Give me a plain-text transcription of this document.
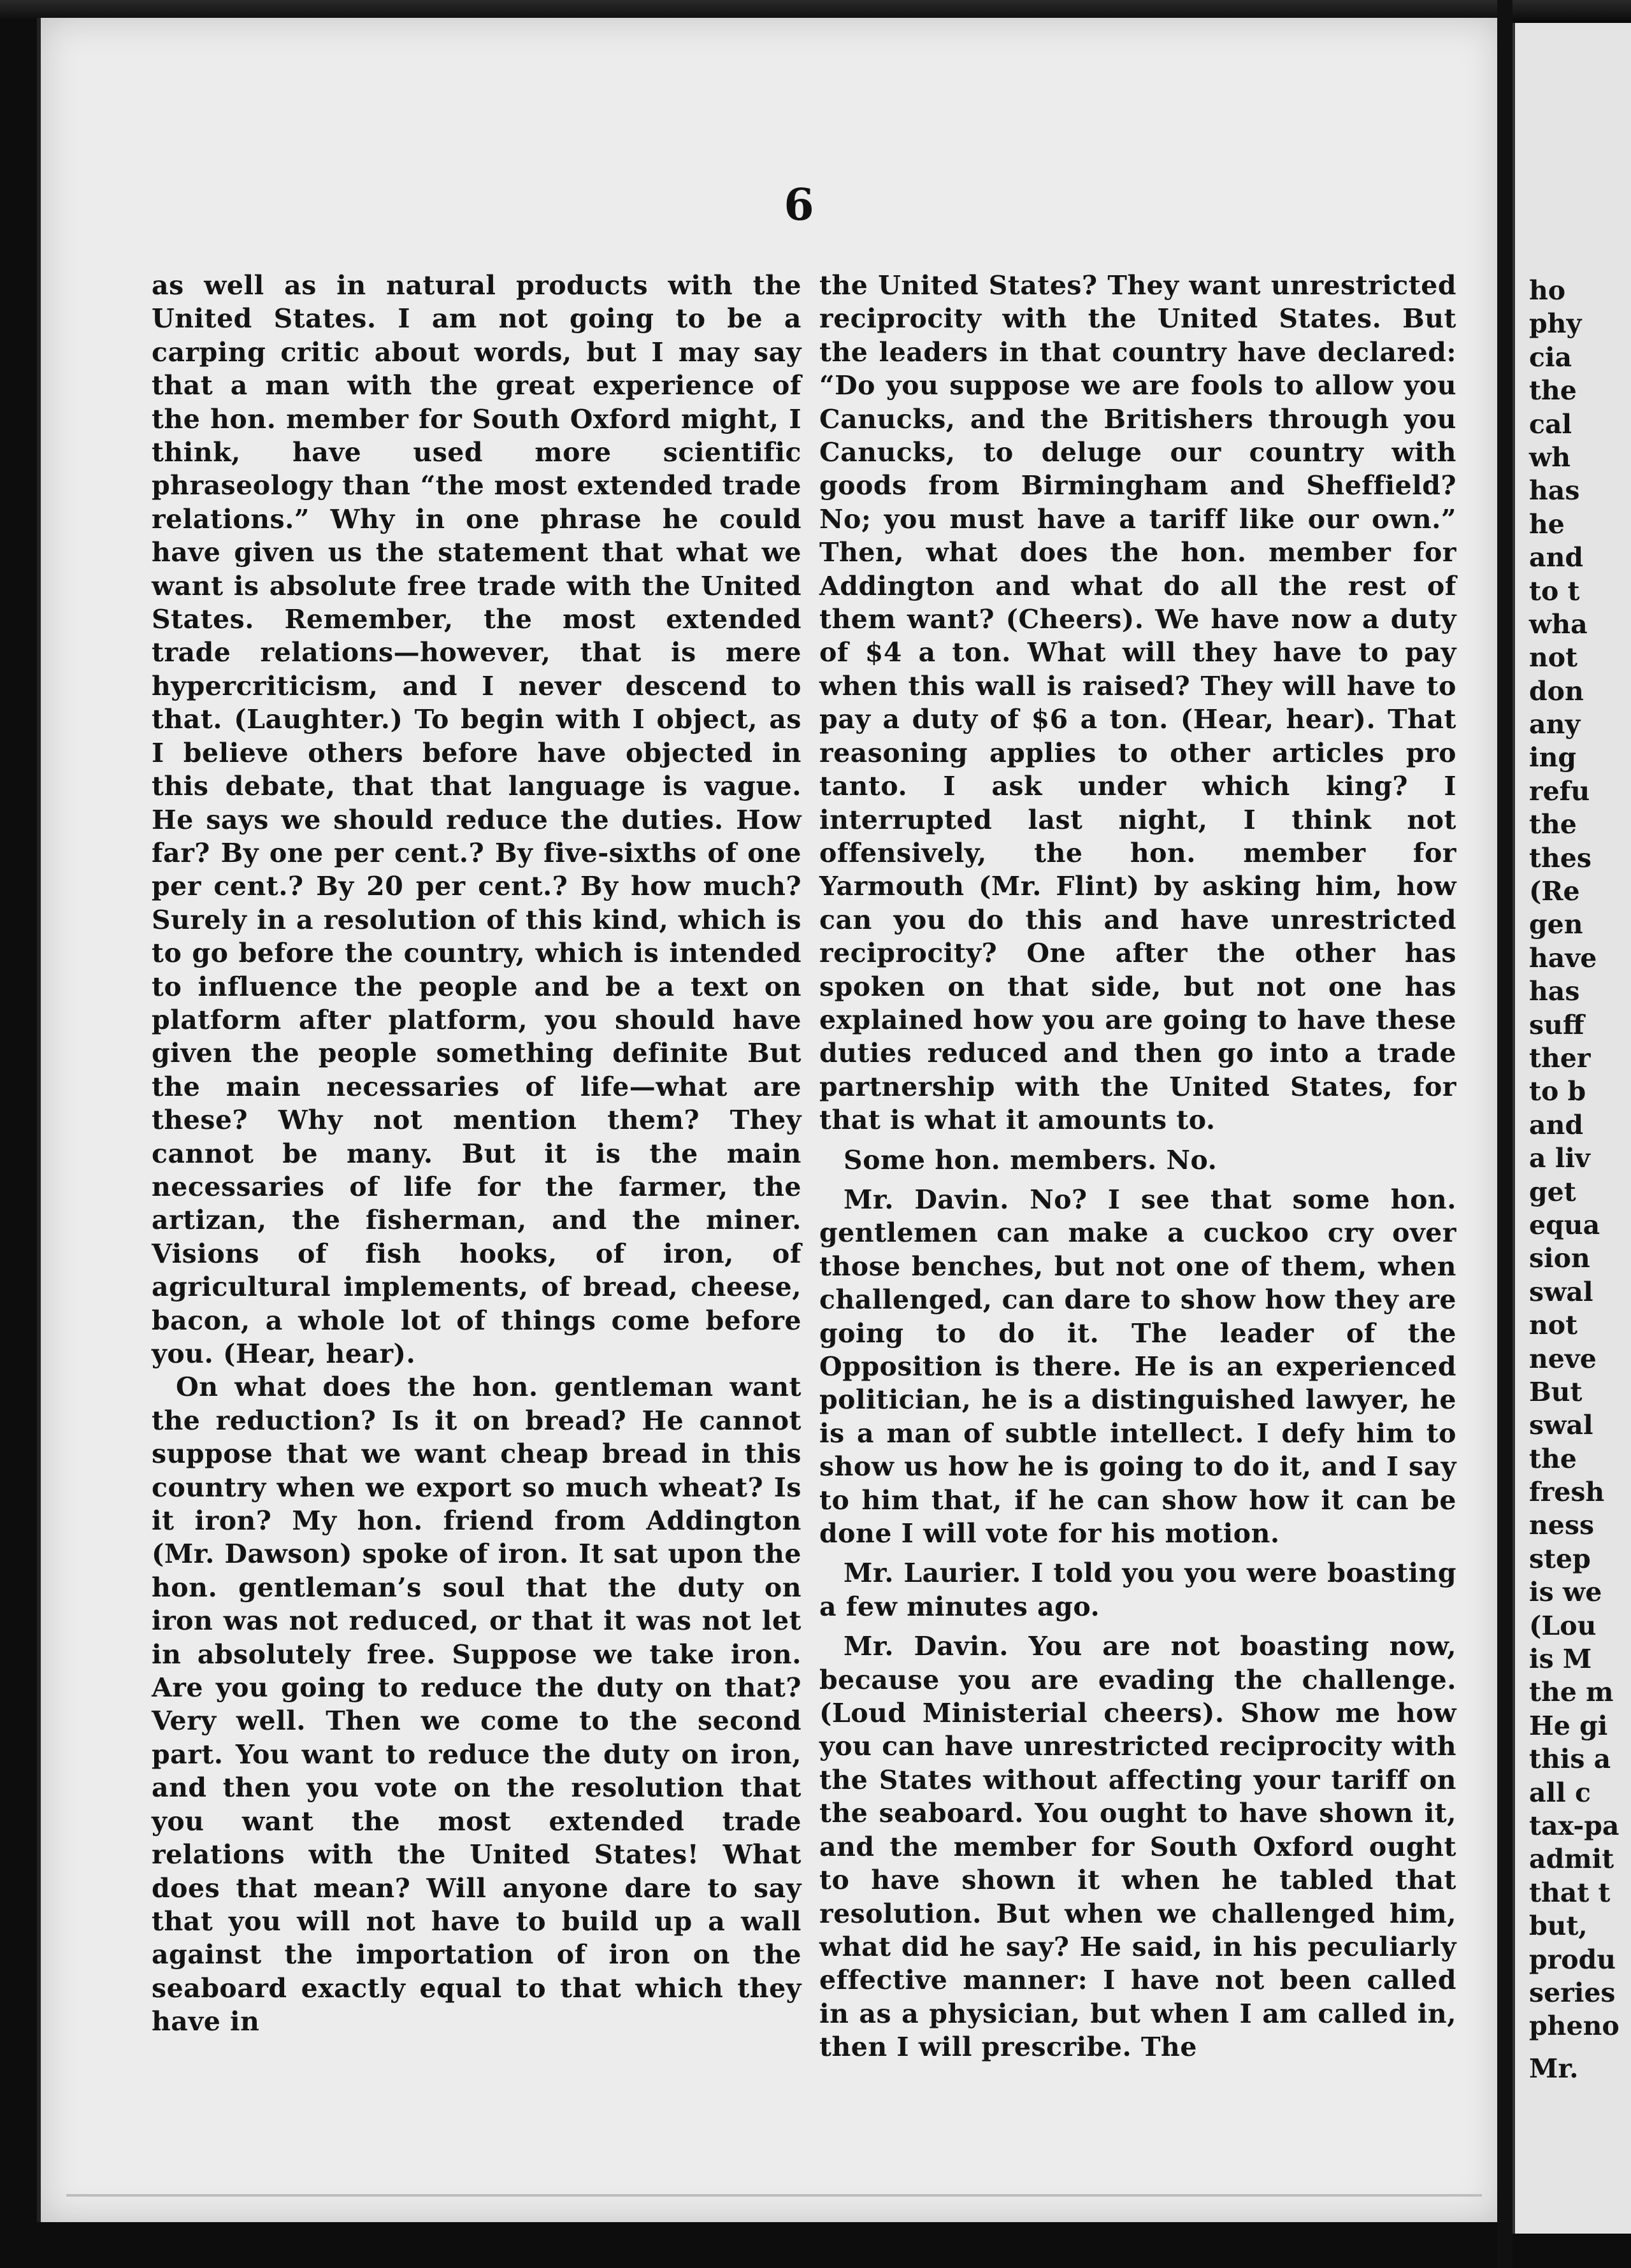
6

as well as in natural products with the United States. I am not going to be a carping critic about words, but I may say that a man with the great experience of the hon. member for South Oxford might, I think, have used more scientific phraseology than “the most extended trade relations.” Why in one phrase he could have given us the statement that what we want is absolute free trade with the United States. Remember, the most extended trade relations—however, that is mere hypercriticism, and I never descend to that. (Laughter.) To begin with I object, as I believe others before have objected in this debate, that that language is vague. He says we should reduce the duties. How far? By one per cent.? By five-sixths of one per cent.? By 20 per cent.? By how much? Surely in a resolution of this kind, which is to go before the country, which is intended to influence the people and be a text on platform after platform, you should have given the people something definite But the main necessaries of life—what are these? Why not mention them? They cannot be many. But it is the main necessaries of life for the farmer, the artizan, the fisherman, and the miner. Visions of fish hooks, of iron, of agricultural implements, of bread, cheese, bacon, a whole lot of things come before you. (Hear, hear).

On what does the hon. gentleman want the reduction? Is it on bread? He cannot suppose that we want cheap bread in this country when we export so much wheat? Is it iron? My hon. friend from Addington (Mr. Dawson) spoke of iron. It sat upon the hon. gentleman’s soul that the duty on iron was not reduced, or that it was not let in absolutely free. Suppose we take iron. Are you going to reduce the duty on that? Very well. Then we come to the second part. You want to reduce the duty on iron, and then you vote on the resolution that you want the most extended trade relations with the United States! What does that mean? Will anyone dare to say that you will not have to build up a wall against the importation of iron on the seaboard exactly equal to that which they have in

the United States? They want unrestricted reciprocity with the United States. But the leaders in that country have declared: “Do you suppose we are fools to allow you Canucks, and the Britishers through you Canucks, to deluge our country with goods from Birmingham and Sheffield? No; you must have a tariff like our own.” Then, what does the hon. member for Addington and what do all the rest of them want? (Cheers). We have now a duty of $4 a ton. What will they have to pay when this wall is raised? They will have to pay a duty of $6 a ton. (Hear, hear). That reasoning applies to other articles pro tanto. I ask under which king? I interrupted last night, I think not offensively, the hon. member for Yarmouth (Mr. Flint) by asking him, how can you do this and have unrestricted reciprocity? One after the other has spoken on that side, but not one has explained how you are going to have these duties reduced and then go into a trade partnership with the United States, for that is what it amounts to.

Some hon. members. No.

Mr. Davin. No? I see that some hon. gentlemen can make a cuckoo cry over those benches, but not one of them, when challenged, can dare to show how they are going to do it. The leader of the Opposition is there. He is an experienced politician, he is a distinguished lawyer, he is a man of subtle intellect. I defy him to show us how he is going to do it, and I say to him that, if he can show how it can be done I will vote for his motion.

Mr. Laurier. I told you you were boasting a few minutes ago.

Mr. Davin. You are not boasting now, because you are evading the challenge. (Loud Ministerial cheers). Show me how you can have unrestricted reciprocity with the States without affecting your tariff on the seaboard. You ought to have shown it, and the member for South Oxford ought to have shown it when he tabled that resolution. But when we challenged him, what did he say? He said, in his peculiarly effective manner: I have not been called in as a physician, but when I am called in, then I will prescribe. The

ho
phy
cia
the
cal
wh
has
he
and
to t
wha
not
don
any
ing
refu
the
thes
(Re
gen
have
has
suff
ther
to b
and
a liv
get
equa
sion
swal
not
neve
But
swal
the
fresh
ness
step
is we
(Lou
is M
the m
He gi
this a
all c
tax-pa
admit
that t
but,
produ
series
pheno
Mr.
